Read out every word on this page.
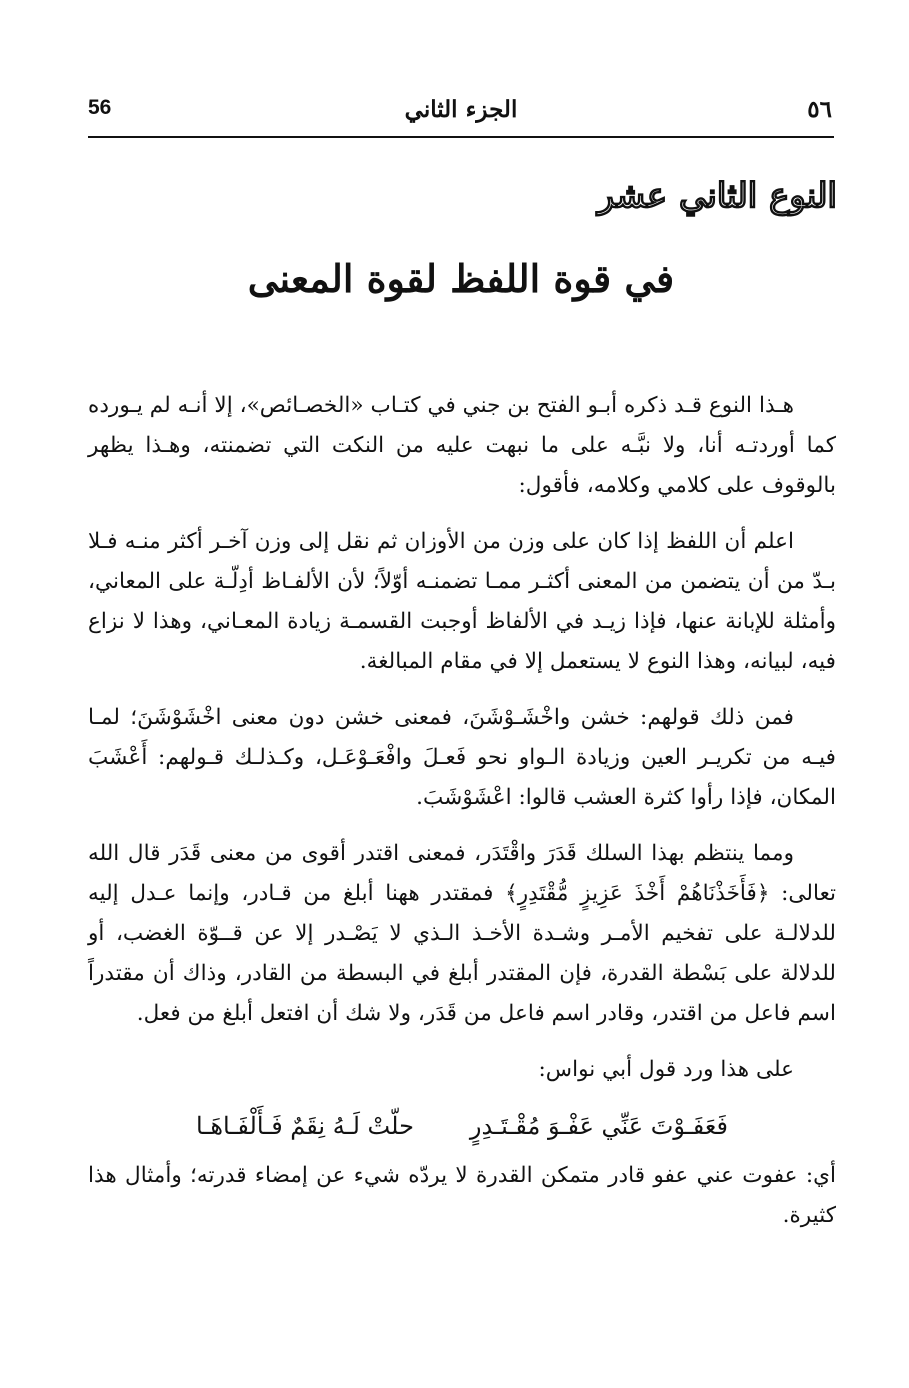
٥٦
الجزء الثاني
56
النوع الثاني عشر
في قوة اللفظ لقوة المعنى

هـذا النوع قـد ذكره أبـو الفتح بن جني في كتـاب «الخصـائص»، إلا أنـه لم يـورده كما أوردتـه أنا، ولا نبَّـه على ما نبهت عليه من النكت التي تضمنته، وهـذا يظهر بالوقوف على كلامي وكلامه، فأقول:

اعلم أن اللفظ إذا كان على وزن من الأوزان ثم نقل إلى وزن آخـر أكثر منـه فـلا بـدّ من أن يتضمن من المعنى أكثـر ممـا تضمنـه أوّلاً؛ لأن الألفـاظ أدِلّـة على المعاني، وأمثلة للإبانة عنها، فإذا زيـد في الألفاظ أوجبت القسمـة زيادة المعـاني، وهذا لا نزاع فيه، لبيانه، وهذا النوع لا يستعمل إلا في مقام المبالغة.

فمن ذلك قولهم: خشن واخْشَـوْشَنَ، فمعنى خشن دون معنى اخْشَوْشَنَ؛ لمـا فيـه من تكريـر العين وزيادة الـواو نحو فَعـلَ وافْعَـوْعَـل، وكـذلـك قـولهم: أَعْشَبَ المكان، فإذا رأوا كثرة العشب قالوا: اعْشَوْشَبَ.

ومما ينتظم بهذا السلك قَدَرَ واقْتَدَر، فمعنى اقتدر أقوى من معنى قَدَر قال الله تعالى: ﴿فَأَخَذْنَاهُمْ أَخْذَ عَزِيزٍ مُّقْتَدِرٍ﴾ فمقتدر ههنا أبلغ من قـادر، وإنما عـدل إليه للدلالـة على تفخيم الأمـر وشـدة الأخـذ الـذي لا يَصْـدر إلا عن قــوّة الغضب، أو للدلالة على بَسْطة القدرة، فإن المقتدر أبلغ في البسطة من القادر، وذاك أن مقتدراً اسم فاعل من اقتدر، وقادر اسم فاعل من قَدَر، ولا شك أن افتعل أبلغ من فعل.

على هذا ورد قول أبي نواس:

فَعَفَـوْتَ عَنِّي عَفْـوَ مُقْـتَـدِرٍ
حلّتْ لَـهُ نِقَمٌ فَـأَلْفَـاهَـا

أي: عفوت عني عفو قادر متمكن القدرة لا يردّه شيء عن إمضاء قدرته؛ وأمثال هذا كثيرة.
